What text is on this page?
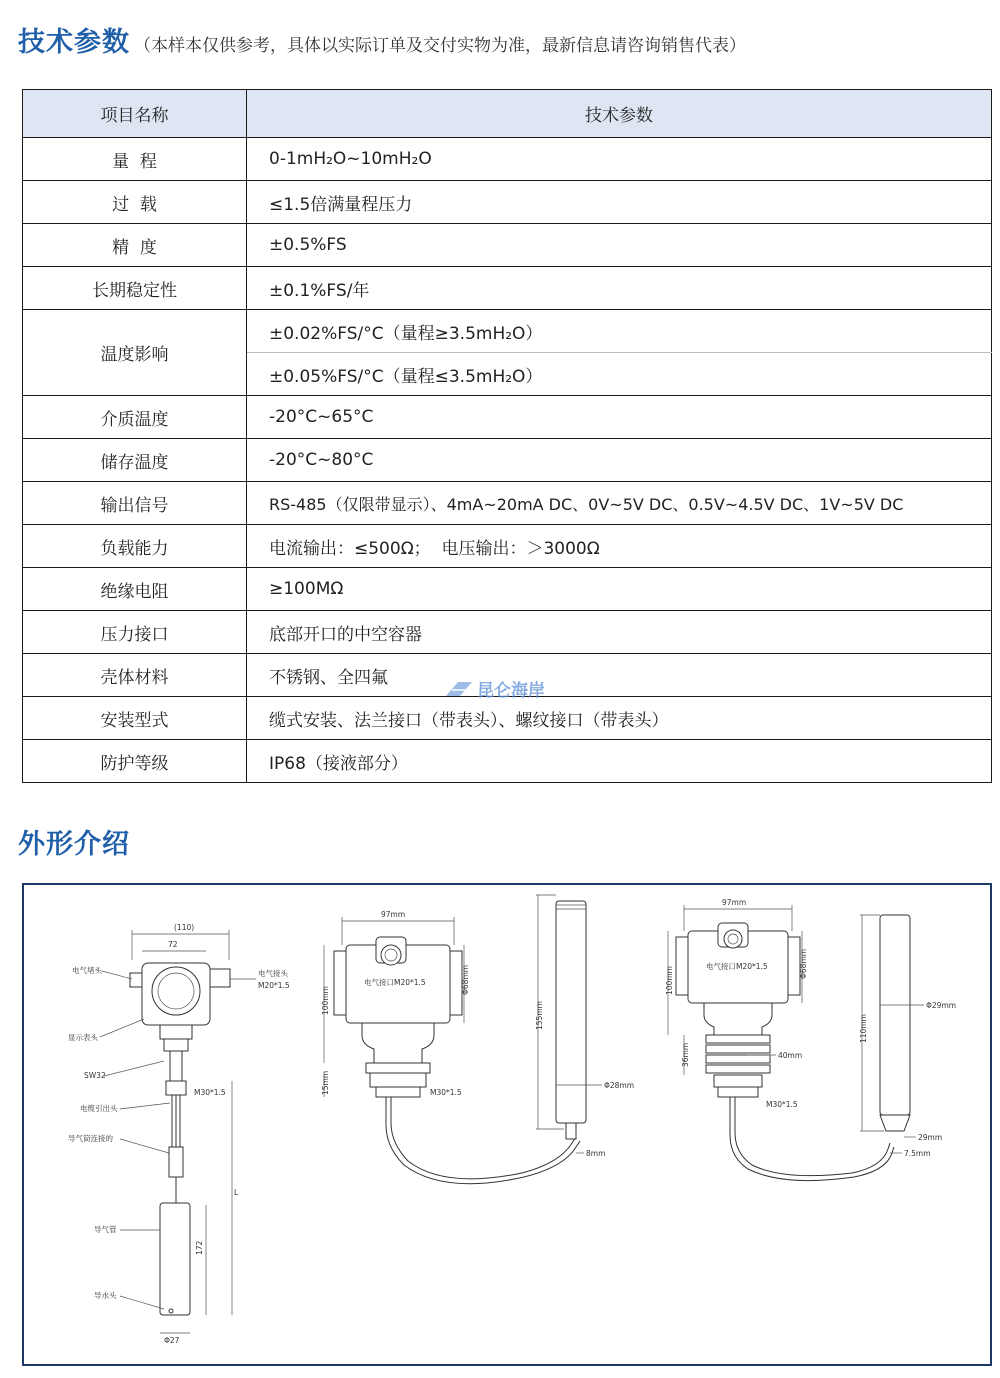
技术参数 （本样本仅供参考，具体以实际订单及交付实物为准，最新信息请咨询销售代表）
项目名称	技术参数
量  程	0-1mH₂O~10mH₂O
过  载	≤1.5倍满量程压力
精  度	±0.5%FS
长期稳定性	±0.1%FS/年
温度影响	±0.02%FS/°C（量程≥3.5mH₂O）
	±0.05%FS/°C（量程≤3.5mH₂O）
介质温度	-20°C~65°C
储存温度	-20°C~80°C
输出信号	RS-485（仅限带显示）、4mA~20mA DC、0V~5V DC、0.5V~4.5V DC、1V~5V DC
负载能力	电流输出：≤500Ω；  电压输出：＞3000Ω
绝缘电阻	≥100MΩ
压力接口	底部开口的中空容器
壳体材料	不锈钢、全四氟
安装型式	缆式安装、法兰接口（带表头）、螺纹接口（带表头）
防护等级	IP68（接液部分）
昆仑海岸
外形介绍
(110)
72
电气堵头
显示表头
SW32
电缆引出头
导气筒连接的
导气管
导水头
电气接头
M20*1.5
M30*1.5
172
L
Φ27
97mm
电气接口M20*1.5	Φ68mm
100mm
15mm	M30*1.5
155mm
Φ28mm
8mm
97mm
电气接口M20*1.5	Φ68mm
100mm
36mm	40mm
M30*1.5
110mm
Φ29mm
29mm
7.5mm
